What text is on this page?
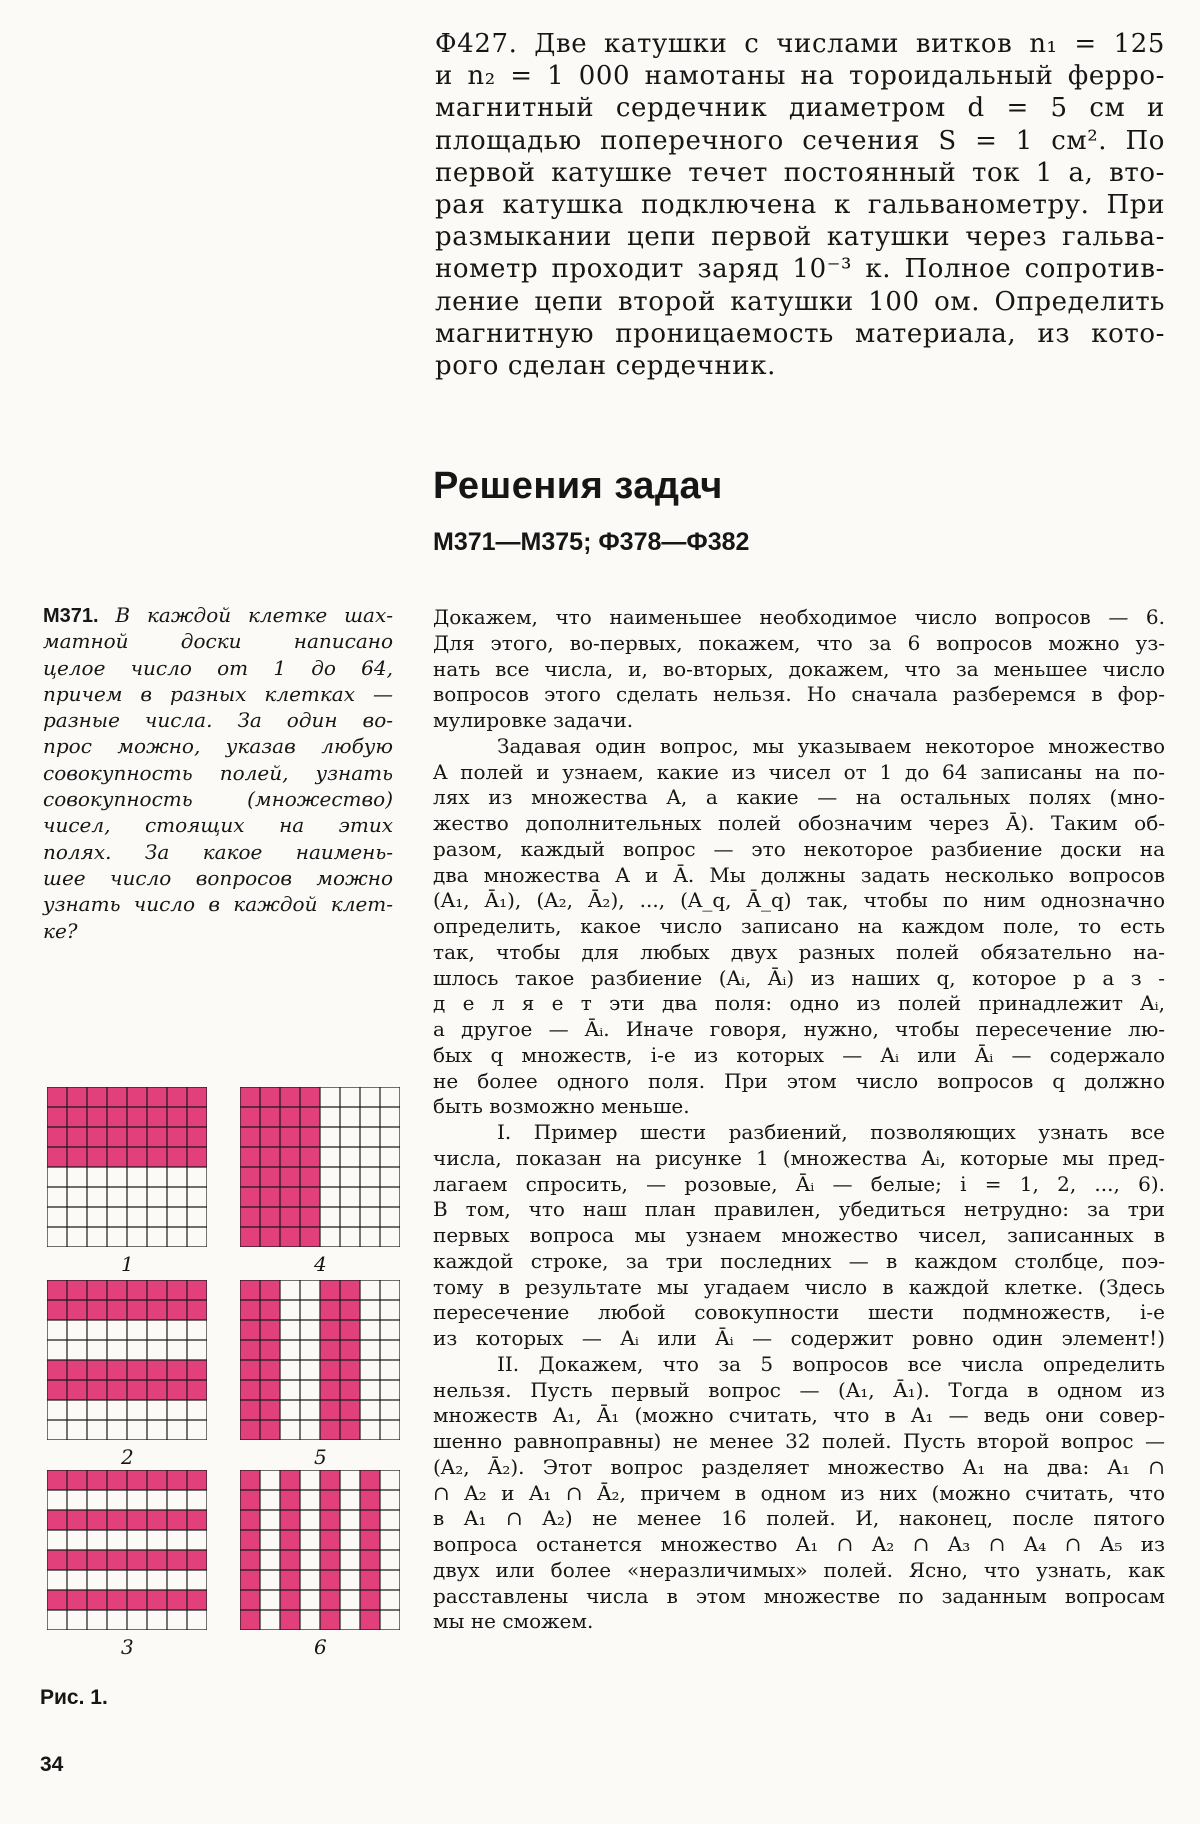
Ф427. Две катушки с числами витков n₁ = 125
и n₂ = 1 000 намотаны на тороидальный ферро-
магнитный сердечник диаметром d = 5 см и
площадью поперечного сечения S = 1 см². По
первой катушке течет постоянный ток 1 а, вто-
рая катушка подключена к гальванометру. При
размыкании цепи первой катушки через гальва-
нометр проходит заряд 10⁻³ к. Полное сопротив-
ление цепи второй катушки 100 ом. Определить
магнитную проницаемость материала, из кото-
рого сделан сердечник.
Решения задач
М371—М375; Ф378—Ф382
М371. В каждой клетке шах-
матной доски написано
целое число от 1 до 64,
причем в разных клетках —
разные числа. За один во-
прос можно, указав любую
совокупность полей, узнать
совокупность (множество)
чисел, стоящих на этих
полях. За какое наимень-
шее число вопросов можно
узнать число в каждой клет-
ке?
Докажем, что наименьшее необходимое число вопросов — 6.
Для этого, во-первых, покажем, что за 6 вопросов можно уз-
нать все числа, и, во-вторых, докажем, что за меньшее число
вопросов этого сделать нельзя. Но сначала разберемся в фор-
мулировке задачи.
Задавая один вопрос, мы указываем некоторое множество
A полей и узнаем, какие из чисел от 1 до 64 записаны на по-
лях из множества A, а какие — на остальных полях (мно-
жество дополнительных полей обозначим через Ā). Таким об-
разом, каждый вопрос — это некоторое разбиение доски на
два множества A и Ā. Мы должны задать несколько вопросов
(A₁, Ā₁), (A₂, Ā₂), ..., (A_q, Ā_q) так, чтобы по ним однозначно
определить, какое число записано на каждом поле, то есть
так, чтобы для любых двух разных полей обязательно на-
шлось такое разбиение (Aᵢ, Āᵢ) из наших q, которое р а з -
д е л я е т эти два поля: одно из полей принадлежит Aᵢ,
а другое — Āᵢ. Иначе говоря, нужно, чтобы пересечение лю-
бых q множеств, i-е из которых — Aᵢ или Āᵢ — содержало
не более одного поля. При этом число вопросов q должно
быть возможно меньше.
I. Пример шести разбиений, позволяющих узнать все
числа, показан на рисунке 1 (множества Aᵢ, которые мы пред-
лагаем спросить, — розовые, Āᵢ — белые; i = 1, 2, ..., 6).
В том, что наш план правилен, убедиться нетрудно: за три
первых вопроса мы узнаем множество чисел, записанных в
каждой строке, за три последних — в каждом столбце, поэ-
тому в результате мы угадаем число в каждой клетке. (Здесь
пересечение любой совокупности шести подмножеств, i-е
из которых — Aᵢ или Āᵢ — содержит ровно один элемент!)
II. Докажем, что за 5 вопросов все числа определить
нельзя. Пусть первый вопрос — (A₁, Ā₁). Тогда в одном из
множеств A₁, Ā₁ (можно считать, что в A₁ — ведь они совер-
шенно равноправны) не менее 32 полей. Пусть второй вопрос —
(A₂, Ā₂). Этот вопрос разделяет множество A₁ на два: A₁ ∩
∩ A₂ и A₁ ∩ Ā₂, причем в одном из них (можно считать, что
в A₁ ∩ A₂) не менее 16 полей. И, наконец, после пятого
вопроса останется множество A₁ ∩ A₂ ∩ A₃ ∩ A₄ ∩ A₅ из
двух или более «неразличимых» полей. Ясно, что узнать, как
расставлены числа в этом множестве по заданным вопросам
мы не сможем.
1	4
2	5
3	6
Рис. 1.
34
